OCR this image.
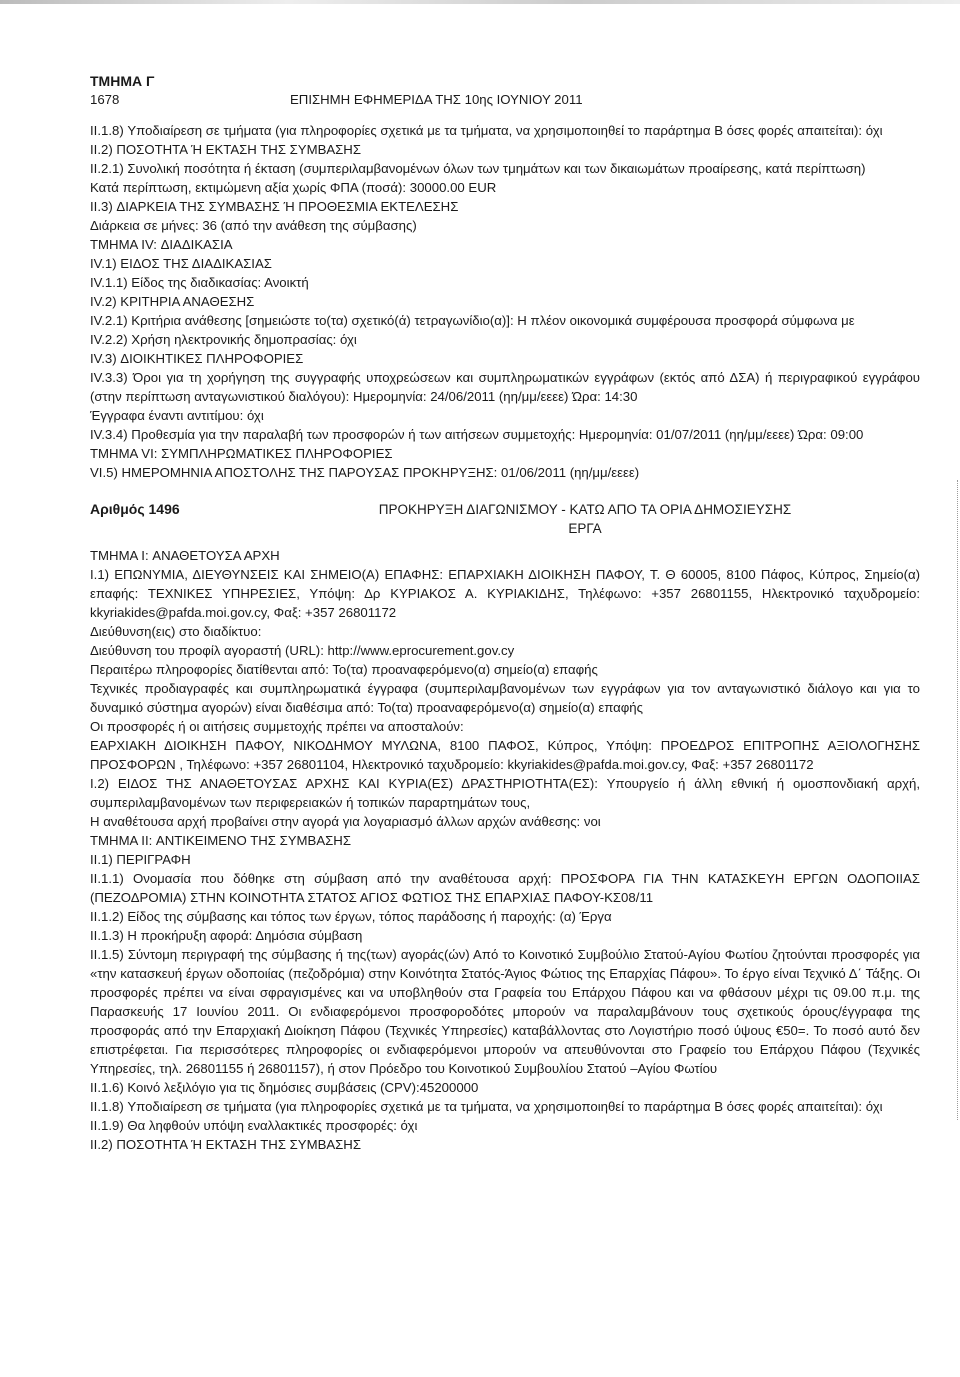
ΤΜΗΜΑ Γ
1678	ΕΠΙΣΗΜΗ ΕΦΗΜΕΡΙΔΑ ΤΗΣ 10ης ΙΟΥΝΙΟΥ 2011

II.1.8) Υποδιαίρεση σε τμήματα (για πληροφορίες σχετικά με τα τμήματα, να χρησιμοποιηθεί το παράρτημα Β όσες φορές απαιτείται): όχι

II.2) ΠΟΣΟΤΗΤΑ Ή ΕΚΤΑΣΗ ΤΗΣ ΣΥΜΒΑΣΗΣ

II.2.1) Συνολική ποσότητα ή έκταση (συμπεριλαμβανομένων όλων των τμημάτων και των δικαιωμάτων προαίρεσης, κατά περίπτωση)

Κατά περίπτωση, εκτιμώμενη αξία χωρίς ΦΠΑ (ποσά): 30000.00 EUR

II.3) ΔΙΑΡΚΕΙΑ ΤΗΣ ΣΥΜΒΑΣΗΣ Ή ΠΡΟΘΕΣΜΙΑ ΕΚΤΕΛΕΣΗΣ

Διάρκεια σε μήνες: 36 (από την ανάθεση της σύμβασης)

ΤΜΗΜΑ IV: ΔΙΑΔΙΚΑΣΙΑ

IV.1) ΕΙΔΟΣ ΤΗΣ ΔΙΑΔΙΚΑΣΙΑΣ

IV.1.1) Είδος της διαδικασίας: Ανοικτή

IV.2) ΚΡΙΤΗΡΙΑ ΑΝΑΘΕΣΗΣ

IV.2.1) Κριτήρια ανάθεσης [σημειώστε το(τα) σχετικό(ά) τετραγωνίδιο(α)]: Η πλέον οικονομικά συμφέρουσα προσφορά σύμφωνα με

IV.2.2) Χρήση ηλεκτρονικής δημοπρασίας: όχι

IV.3) ΔΙΟΙΚΗΤΙΚΕΣ ΠΛΗΡΟΦΟΡΙΕΣ

IV.3.3) Όροι για τη χορήγηση της συγγραφής υποχρεώσεων και συμπληρωματικών εγγράφων (εκτός από ΔΣΑ) ή περιγραφικού εγγράφου (στην περίπτωση ανταγωνιστικού διαλόγου): Ημερομηνία: 24/06/2011 (ηη/μμ/εεεε) Ώρα: 14:30

Έγγραφα έναντι αντιτίμου: όχι

IV.3.4) Προθεσμία για την παραλαβή των προσφορών ή των αιτήσεων συμμετοχής: Ημερομηνία: 01/07/2011 (ηη/μμ/εεεε) Ώρα: 09:00

ΤΜΗΜΑ VI: ΣΥΜΠΛΗΡΩΜΑΤΙΚΕΣ ΠΛΗΡΟΦΟΡΙΕΣ

VI.5) ΗΜΕΡΟΜΗΝΙΑ ΑΠΟΣΤΟΛΗΣ ΤΗΣ ΠΑΡΟΥΣΑΣ ΠΡΟΚΗΡΥΞΗΣ: 01/06/2011 (ηη/μμ/εεεε)

Αριθμός 1496	ΠΡΟΚΗΡΥΞΗ ΔΙΑΓΩΝΙΣΜΟΥ - ΚΑΤΩ ΑΠΟ ΤΑ ΟΡΙΑ ΔΗΜΟΣΙΕΥΣΗΣ
ΕΡΓΑ

ΤΜΗΜΑ I: ΑΝΑΘΕΤΟΥΣΑ ΑΡΧΗ

I.1) ΕΠΩΝΥΜΙΑ, ΔΙΕΥΘΥΝΣΕΙΣ ΚΑΙ ΣΗΜΕΙΟ(Α) ΕΠΑΦΗΣ: ΕΠΑΡΧΙΑΚΗ ΔΙΟΙΚΗΣΗ ΠΑΦΟΥ, Τ. Θ 60005, 8100 Πάφος, Κύπρος, Σημείο(α) επαφής: ΤΕΧΝΙΚΕΣ ΥΠΗΡΕΣΙΕΣ, Υπόψη: Δρ ΚΥΡΙΑΚΟΣ Α. ΚΥΡΙΑΚΙΔΗΣ, Τηλέφωνο: +357 26801155, Ηλεκτρονικό ταχυδρομείο: kkyriakides@pafda.moi.gov.cy, Φαξ: +357 26801172

Διεύθυνση(εις) στο διαδίκτυο:

Διεύθυνση του προφίλ αγοραστή (URL): http://www.eprocurement.gov.cy

Περαιτέρω πληροφορίες διατίθενται από: Το(τα) προαναφερόμενο(α) σημείο(α) επαφής

Τεχνικές προδιαγραφές και συμπληρωματικά έγγραφα (συμπεριλαμβανομένων των εγγράφων για τον ανταγωνιστικό διάλογο και για το δυναμικό σύστημα αγορών) είναι διαθέσιμα από: Το(τα) προαναφερόμενο(α) σημείο(α) επαφής

Οι προσφορές ή οι αιτήσεις συμμετοχής πρέπει να αποσταλούν:

ΕΑΡΧΙΑΚΗ ΔΙΟΙΚΗΣΗ ΠΑΦΟΥ, ΝΙΚΟΔΗΜΟΥ ΜΥΛΩΝΑ, 8100 ΠΑΦΟΣ, Κύπρος, Υπόψη: ΠΡΟΕΔΡΟΣ ΕΠΙΤΡΟΠΗΣ ΑΞΙΟΛΟΓΗΣΗΣ ΠΡΟΣΦΟΡΩΝ , Τηλέφωνο: +357 26801104, Ηλεκτρονικό ταχυδρομείο: kkyriakides@pafda.moi.gov.cy, Φαξ: +357 26801172

I.2) ΕΙΔΟΣ ΤΗΣ ΑΝΑΘΕΤΟΥΣΑΣ ΑΡΧΗΣ ΚΑΙ ΚΥΡΙΑ(ΕΣ) ΔΡΑΣΤΗΡΙΟΤΗΤΑ(ΕΣ): Υπουργείο ή άλλη εθνική ή ομοσπονδιακή αρχή, συμπεριλαμβανομένων των περιφερειακών ή τοπικών παραρτημάτων τους,

Η αναθέτουσα αρχή προβαίνει στην αγορά για λογαριασμό άλλων αρχών ανάθεσης: νοι

ΤΜΗΜΑ II: ΑΝΤΙΚΕΙΜΕΝΟ ΤΗΣ ΣΥΜΒΑΣΗΣ

II.1) ΠΕΡΙΓΡΑΦΗ

II.1.1) Ονομασία που δόθηκε στη σύμβαση από την αναθέτουσα αρχή: ΠΡΟΣΦΟΡΑ ΓΙΑ ΤΗΝ ΚΑΤΑΣΚΕΥΗ ΕΡΓΩΝ ΟΔΟΠΟΙΙΑΣ (ΠΕΖΟΔΡΟΜΙΑ) ΣΤΗΝ ΚΟΙΝΟΤΗΤΑ ΣΤΑΤΟΣ ΑΓΙΟΣ ΦΩΤΙΟΣ ΤΗΣ ΕΠΑΡΧΙΑΣ ΠΑΦΟΥ-ΚΣ08/11

II.1.2) Είδος της σύμβασης και τόπος των έργων, τόπος παράδοσης ή παροχής: (α) Έργα

II.1.3) Η προκήρυξη αφορά: Δημόσια σύμβαση

II.1.5) Σύντομη περιγραφή της σύμβασης ή της(των) αγοράς(ών) Από το Κοινοτικό Συμβούλιο Στατού-Αγίου Φωτίου ζητούνται προσφορές για «την κατασκευή έργων οδοποιίας (πεζοδρόμια) στην Κοινότητα Στατός-Άγιος Φώτιος της Επαρχίας Πάφου». Το έργο είναι Τεχνικό Δ΄ Τάξης. Οι προσφορές πρέπει να είναι σφραγισμένες και να υποβληθούν στα Γραφεία του Επάρχου Πάφου και να φθάσουν μέχρι τις 09.00 π.μ. της Παρασκευής 17 Ιουνίου 2011. Οι ενδιαφερόμενοι προσφοροδότες μπορούν να παραλαμβάνουν τους σχετικούς όρους/έγγραφα της προσφοράς από την Επαρχιακή Διοίκηση Πάφου (Τεχνικές Υπηρεσίες) καταβάλλοντας στο Λογιστήριο ποσό ύψους €50=. Το ποσό αυτό δεν επιστρέφεται. Για περισσότερες πληροφορίες οι ενδιαφερόμενοι μπορούν να απευθύνονται στο Γραφείο του Επάρχου Πάφου (Τεχνικές Υπηρεσίες, τηλ. 26801155 ή 26801157), ή στον Πρόεδρο του Κοινοτικού Συμβουλίου Στατού –Αγίου Φωτίου

II.1.6) Κοινό λεξιλόγιο για τις δημόσιες συμβάσεις (CPV):45200000

II.1.8) Υποδιαίρεση σε τμήματα (για πληροφορίες σχετικά με τα τμήματα, να χρησιμοποιηθεί το παράρτημα Β όσες φορές απαιτείται): όχι

II.1.9) Θα ληφθούν υπόψη εναλλακτικές προσφορές: όχι

II.2) ΠΟΣΟΤΗΤΑ Ή ΕΚΤΑΣΗ ΤΗΣ ΣΥΜΒΑΣΗΣ
